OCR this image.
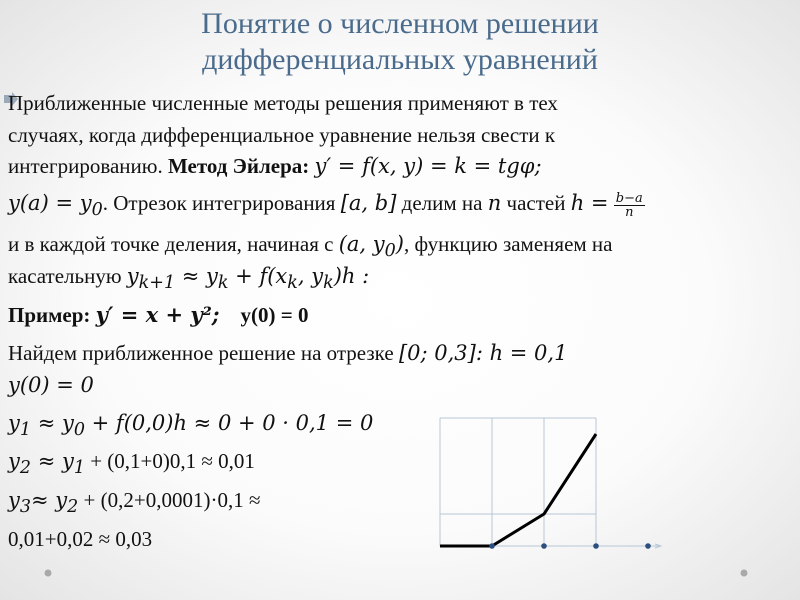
Понятие о численном решении
дифференциальных уравнений
Приближенные численные методы решения применяют в тех
случаях, когда дифференциальное уравнение нельзя свести к
интегрированию. Метод Эйлера: y′ = f(x, y) = k = tgφ;
$y(a) = y_0$. Отрезок интегрирования [a, b] делим на n частей $h = \frac{b-a}{n}$
и в каждой точке деления, начиная с (a, $y_0$), функцию заменяем на
касательную $y_{k+1} \approx y_k + f(x_k$, $y_k)h$ :
Пример: y′ = x + y²; y(0) = 0
Найдем приближенное решение на отрезке [0; 0,3]: h = 0,1
y(0) = 0
$y_1 \approx y_0 + f(0,0)h \approx 0 + 0 \cdot 0,1 = 0$
$y_2 \approx y_1 + (0,1+0)0,1 \approx 0,01$
$y_3\approx y_2 + (0,2+0,0001)\cdot 0,1$ ≈
0,01+0,02 ≈ 0,03
